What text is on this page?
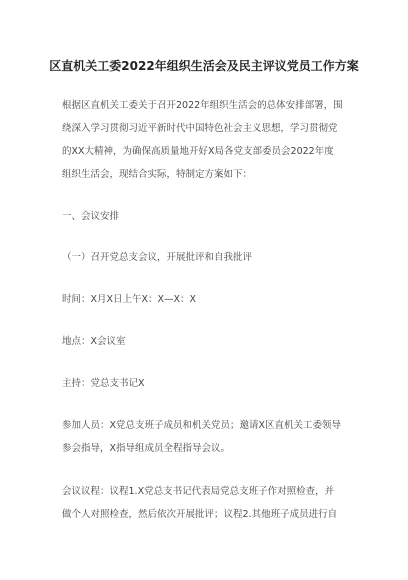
区直机关工委2022年组织生活会及民主评议党员工作方案
根据区直机关工委关于召开2022年组织生活会的总体安排部署，围
绕深入学习贯彻习近平新时代中国特色社会主义思想，学习贯彻党
的XX大精神，为确保高质量地开好X局各党支部委员会2022年度
组织生活会，现结合实际，特制定方案如下：
一、会议安排
（一）召开党总支会议，开展批评和自我批评
时间：X月X日上午X：X—X：X
地点：X会议室
主持：党总支书记X
参加人员：X党总支班子成员和机关党员；邀请X区直机关工委领导
参会指导，X指导组成员全程指导会议。
会议议程：议程1.X党总支书记代表局党总支班子作对照检查，并
做个人对照检查，然后依次开展批评；议程2.其他班子成员进行自
